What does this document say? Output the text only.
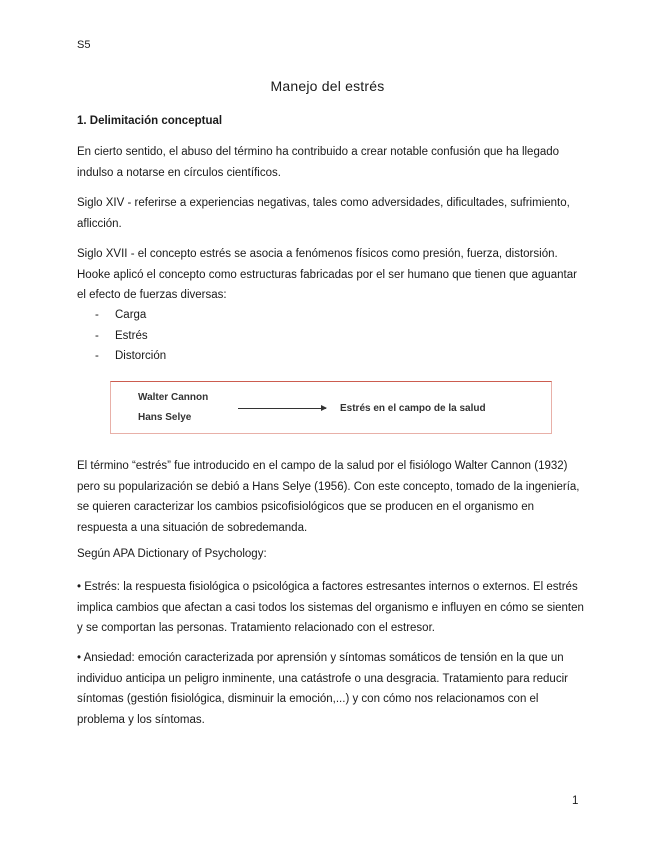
S5
Manejo del estrés
1. Delimitación conceptual

En cierto sentido, el abuso del término ha contribuido a crear notable confusión que ha llegado indulso a notarse en círculos científicos.

Siglo XIV - referirse a experiencias negativas, tales como adversidades, dificultades, sufrimiento, aflicción.

Siglo XVII - el concepto estrés se asocia a fenómenos físicos como presión, fuerza, distorsión. Hooke aplicó el concepto como estructuras fabricadas por el ser humano que tienen que aguantar el efecto de fuerzas diversas:

-	Carga
-	Estrés
-	Distorción
Walter Cannon
Hans Selye
Estrés en el campo de la salud

El término “estrés” fue introducido en el campo de la salud por el fisiólogo Walter Cannon (1932) pero su popularización se debió a Hans Selye (1956). Con este concepto, tomado de la ingeniería, se quieren caracterizar los cambios psicofisiológicos que se producen en el organismo en respuesta a una situación de sobredemanda.

Según APA Dictionary of Psychology:

• Estrés: la respuesta fisiológica o psicológica a factores estresantes internos o externos. El estrés implica cambios que afectan a casi todos los sistemas del organismo e influyen en cómo se sienten y se comportan las personas. Tratamiento relacionado con el estresor.

• Ansiedad: emoción caracterizada por aprensión y síntomas somáticos de tensión en la que un individuo anticipa un peligro inminente, una catástrofe o una desgracia. Tratamiento para reducir síntomas (gestión fisiológica, disminuir la emoción,...) y con cómo nos relacionamos con el problema y los síntomas.

1
